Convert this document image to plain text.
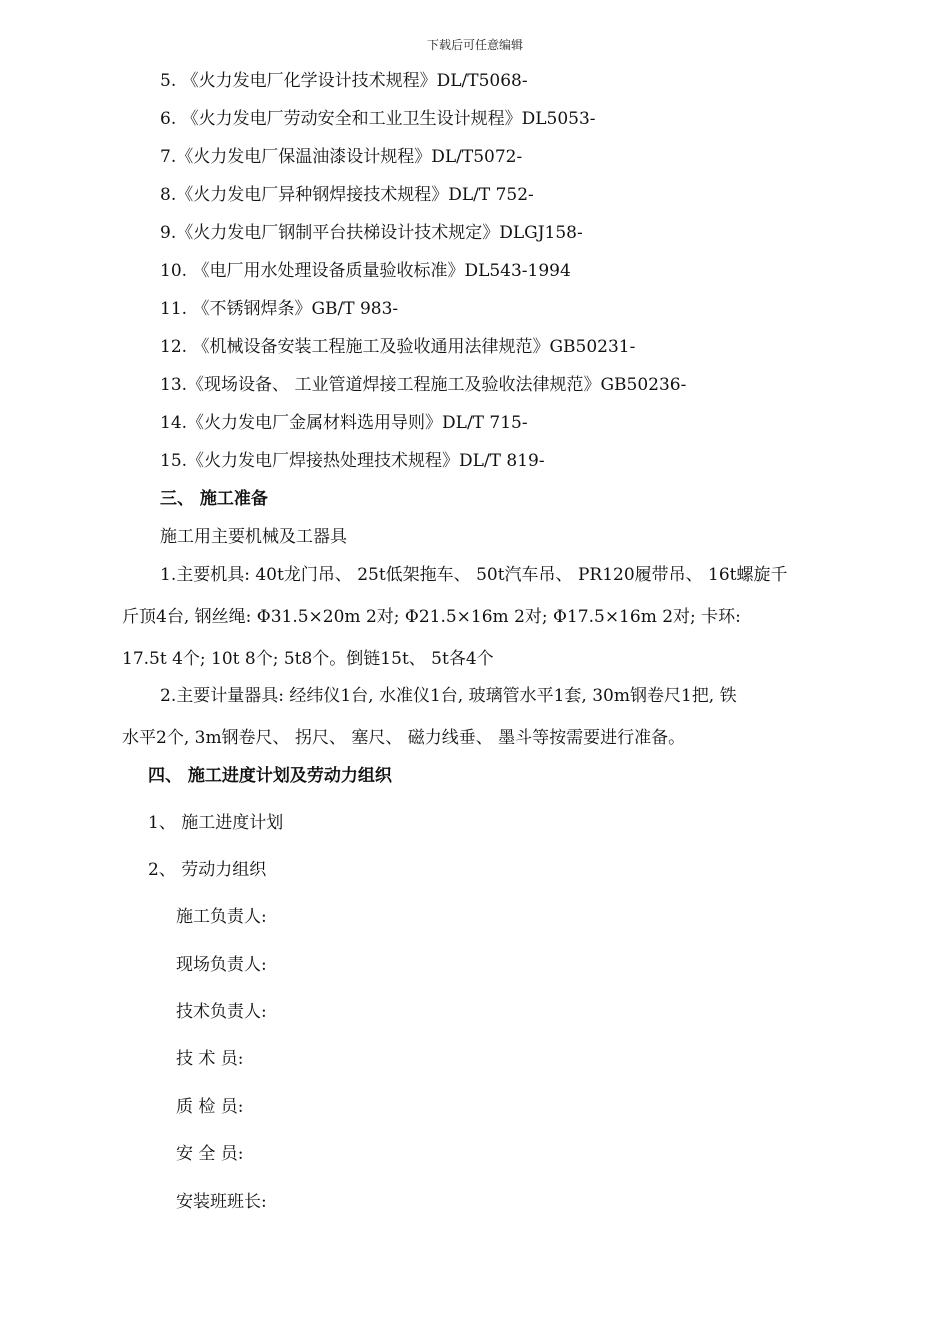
下载后可任意编辑
5. 《火力发电厂化学设计技术规程》DL/T5068-
6. 《火力发电厂劳动安全和工业卫生设计规程》DL5053-
7.《火力发电厂保温油漆设计规程》DL/T5072-
8.《火力发电厂异种钢焊接技术规程》DL/T 752-
9.《火力发电厂钢制平台扶梯设计技术规定》DLGJ158-
10. 《电厂用水处理设备质量验收标准》DL543-1994
11. 《不锈钢焊条》GB/T 983-
12. 《机械设备安装工程施工及验收通用法律规范》GB50231-
13.《现场设备、 工业管道焊接工程施工及验收法律规范》GB50236-
14.《火力发电厂金属材料选用导则》DL/T 715-
15.《火力发电厂焊接热处理技术规程》DL/T 819-
三、 施工准备
施工用主要机械及工器具
1.主要机具: 40t龙门吊、 25t低架拖车、 50t汽车吊、 PR120履带吊、 16t螺旋千
斤顶4台, 钢丝绳: Φ31.5×20m 2对; Φ21.5×16m 2对; Φ17.5×16m 2对; 卡环:
17.5t 4个; 10t 8个; 5t8个。倒链15t、 5t各4个
2.主要计量器具: 经纬仪1台, 水准仪1台, 玻璃管水平1套, 30m钢卷尺1把, 铁
水平2个, 3m钢卷尺、 拐尺、 塞尺、 磁力线垂、 墨斗等按需要进行准备。
四、 施工进度计划及劳动力组织
1、 施工进度计划
2、 劳动力组织
施工负责人:
现场负责人:
技术负责人:
技 术 员:
质 检 员:
安 全 员:
安装班班长:
